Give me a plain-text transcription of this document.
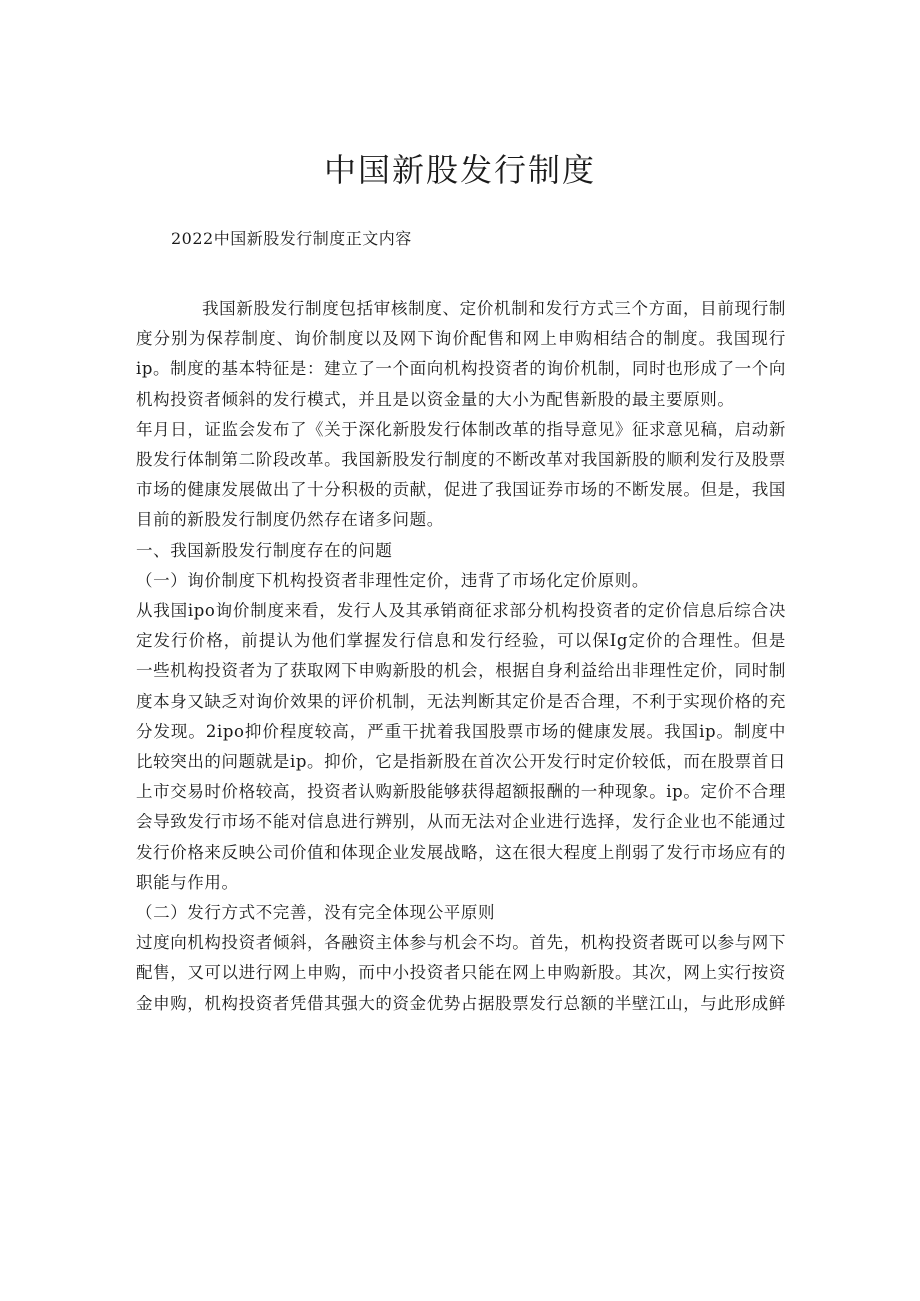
中国新股发行制度

2022中国新股发行制度正文内容

我国新股发行制度包括审核制度、定价机制和发行方式三个方面，目前现行制度分别为保荐制度、询价制度以及网下询价配售和网上申购相结合的制度。我国现行ip。制度的基本特征是：建立了一个面向机构投资者的询价机制，同时也形成了一个向机构投资者倾斜的发行模式，并且是以资金量的大小为配售新股的最主要原则。

年月日，证监会发布了《关于深化新股发行体制改革的指导意见》征求意见稿，启动新股发行体制第二阶段改革。我国新股发行制度的不断改革对我国新股的顺利发行及股票市场的健康发展做出了十分积极的贡献，促进了我国证券市场的不断发展。但是，我国目前的新股发行制度仍然存在诸多问题。

一、我国新股发行制度存在的问题

（一）询价制度下机构投资者非理性定价，违背了市场化定价原则。

从我国ipo询价制度来看，发行人及其承销商征求部分机构投资者的定价信息后综合决定发行价格，前提认为他们掌握发行信息和发行经验，可以保Ig定价的合理性。但是一些机构投资者为了获取网下申购新股的机会，根据自身利益给出非理性定价，同时制度本身又缺乏对询价效果的评价机制，无法判断其定价是否合理，不利于实现价格的充分发现。2ipo抑价程度较高，严重干扰着我国股票市场的健康发展。我国ip。制度中比较突出的问题就是ip。抑价，它是指新股在首次公开发行时定价较低，而在股票首日上市交易时价格较高，投资者认购新股能够获得超额报酬的一种现象。ip。定价不合理会导致发行市场不能对信息进行辨别，从而无法对企业进行选择，发行企业也不能通过发行价格来反映公司价值和体现企业发展战略，这在很大程度上削弱了发行市场应有的职能与作用。

（二）发行方式不完善，没有完全体现公平原则

过度向机构投资者倾斜，各融资主体参与机会不均。首先，机构投资者既可以参与网下配售，又可以进行网上申购，而中小投资者只能在网上申购新股。其次，网上实行按资金申购，机构投资者凭借其强大的资金优势占据股票发行总额的半壁江山，与此形成鲜
